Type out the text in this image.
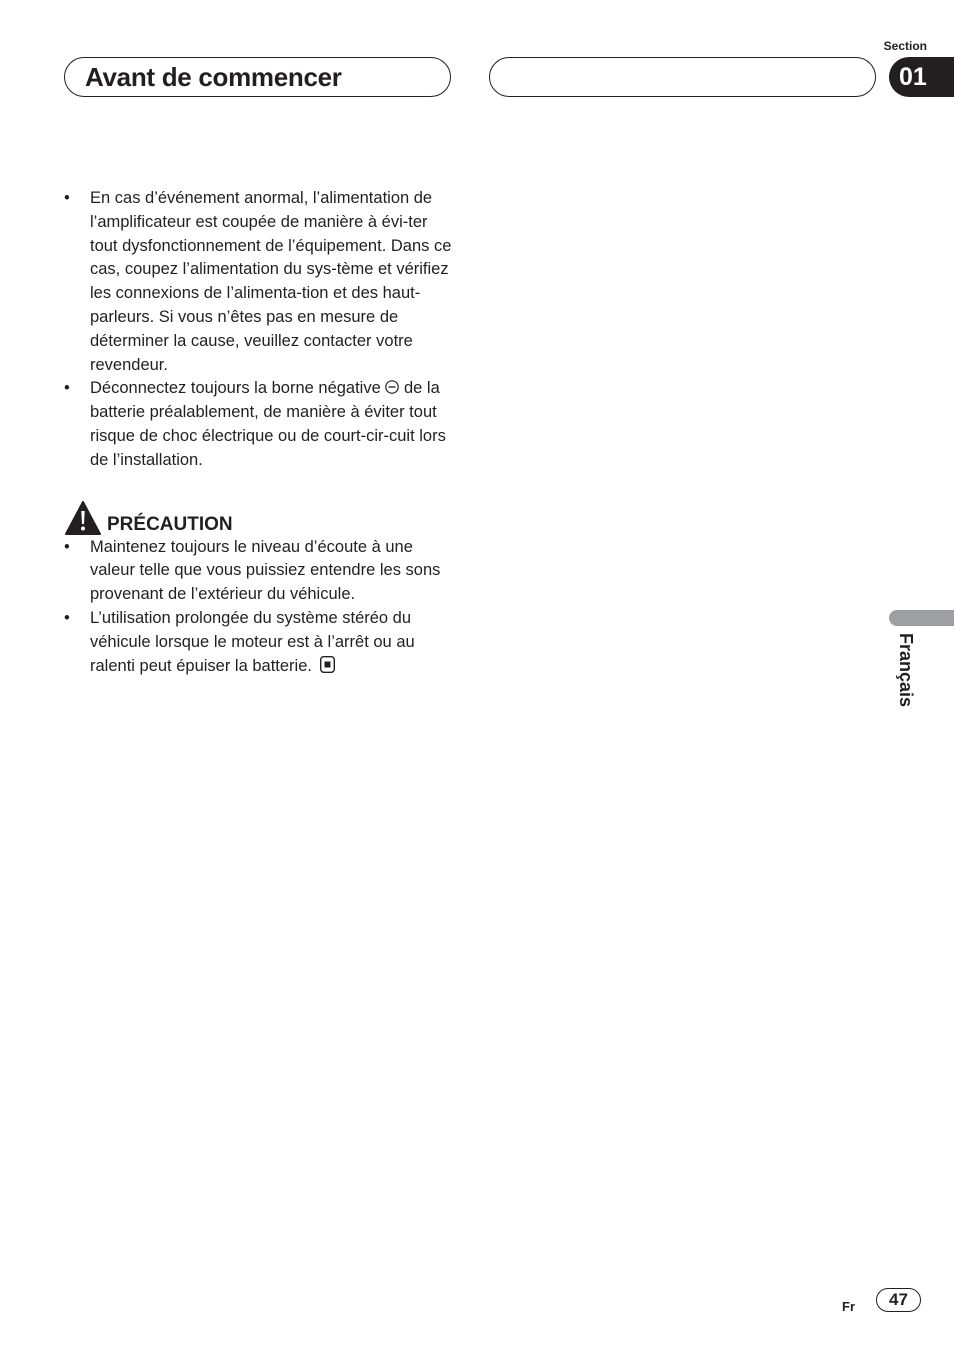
Avant de commencer
Section
01
• En cas d’événement anormal, l’alimentation de l’amplificateur est coupée de manière à évi-ter tout dysfonctionnement de l’équipement. Dans ce cas, coupez l’alimentation du sys-tème et vérifiez les connexions de l’alimenta-tion et des haut-parleurs. Si vous n’êtes pas en mesure de déterminer la cause, veuillez contacter votre revendeur.
• Déconnectez toujours la borne négative de la batterie préalablement, de manière à éviter tout risque de choc électrique ou de court-cir-cuit lors de l’installation.
PRÉCAUTION
• Maintenez toujours le niveau d’écoute à une valeur telle que vous puissiez entendre les sons provenant de l’extérieur du véhicule.
• L’utilisation prolongée du système stéréo du véhicule lorsque le moteur est à l’arrêt ou au ralenti peut épuiser la batterie.	Français
Fr	47
